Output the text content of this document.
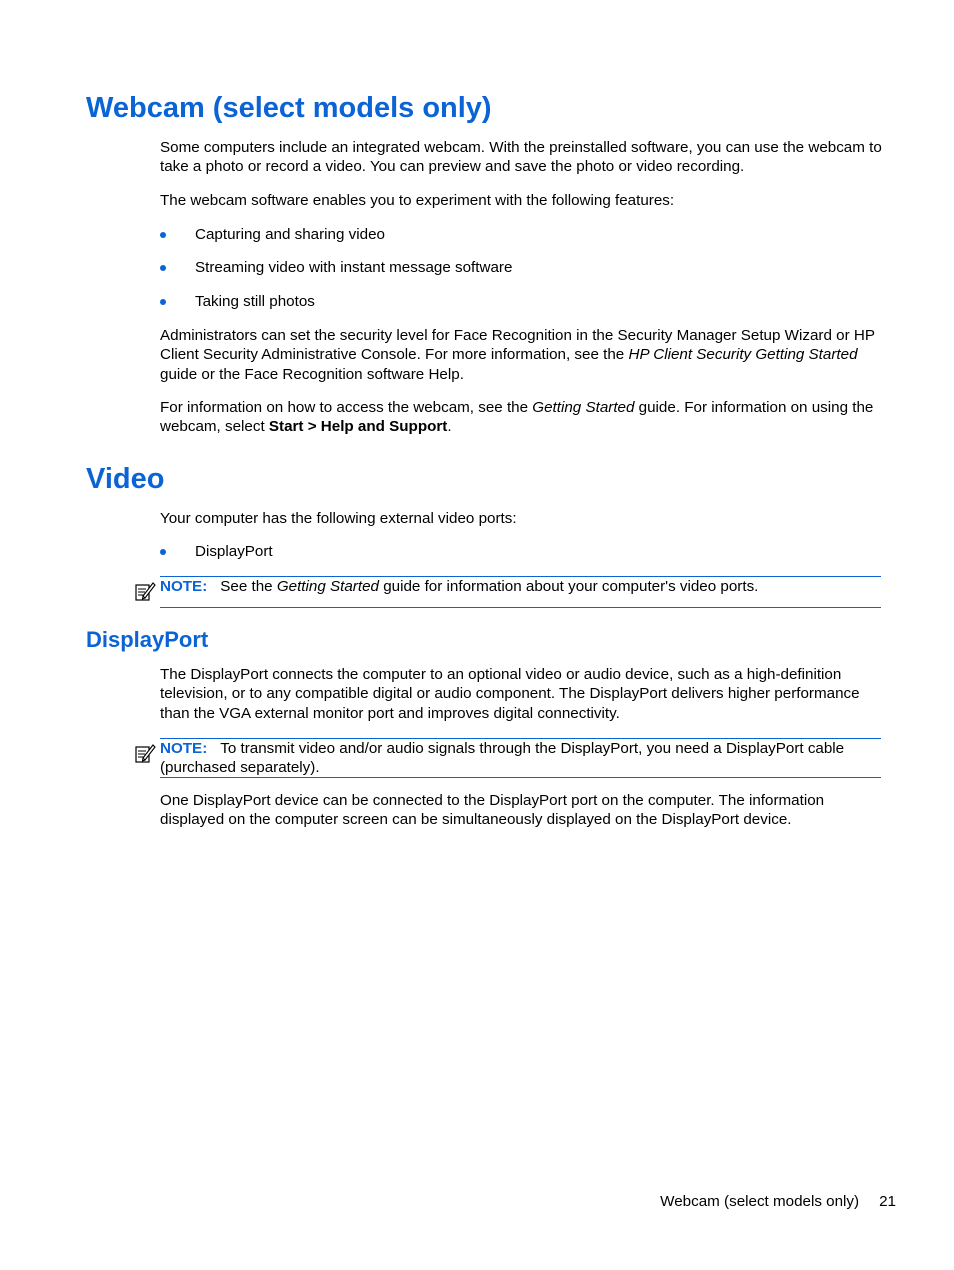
Webcam (select models only)

Some computers include an integrated webcam. With the preinstalled software, you can use the webcam to take a photo or record a video. You can preview and save the photo or video recording.

The webcam software enables you to experiment with the following features:

Capturing and sharing video
Streaming video with instant message software
Taking still photos

Administrators can set the security level for Face Recognition in the Security Manager Setup Wizard or HP Client Security Administrative Console. For more information, see the HP Client Security Getting Started guide or the Face Recognition software Help.

For information on how to access the webcam, see the Getting Started guide. For information on using the webcam, select Start > Help and Support.

Video

Your computer has the following external video ports:

DisplayPort
NOTE: See the Getting Started guide for information about your computer's video ports.
DisplayPort

The DisplayPort connects the computer to an optional video or audio device, such as a high-definition television, or to any compatible digital or audio component. The DisplayPort delivers higher performance than the VGA external monitor port and improves digital connectivity.

NOTE: To transmit video and/or audio signals through the DisplayPort, you need a DisplayPort cable (purchased separately).

One DisplayPort device can be connected to the DisplayPort port on the computer. The information displayed on the computer screen can be simultaneously displayed on the DisplayPort device.

Webcam (select models only) 21
